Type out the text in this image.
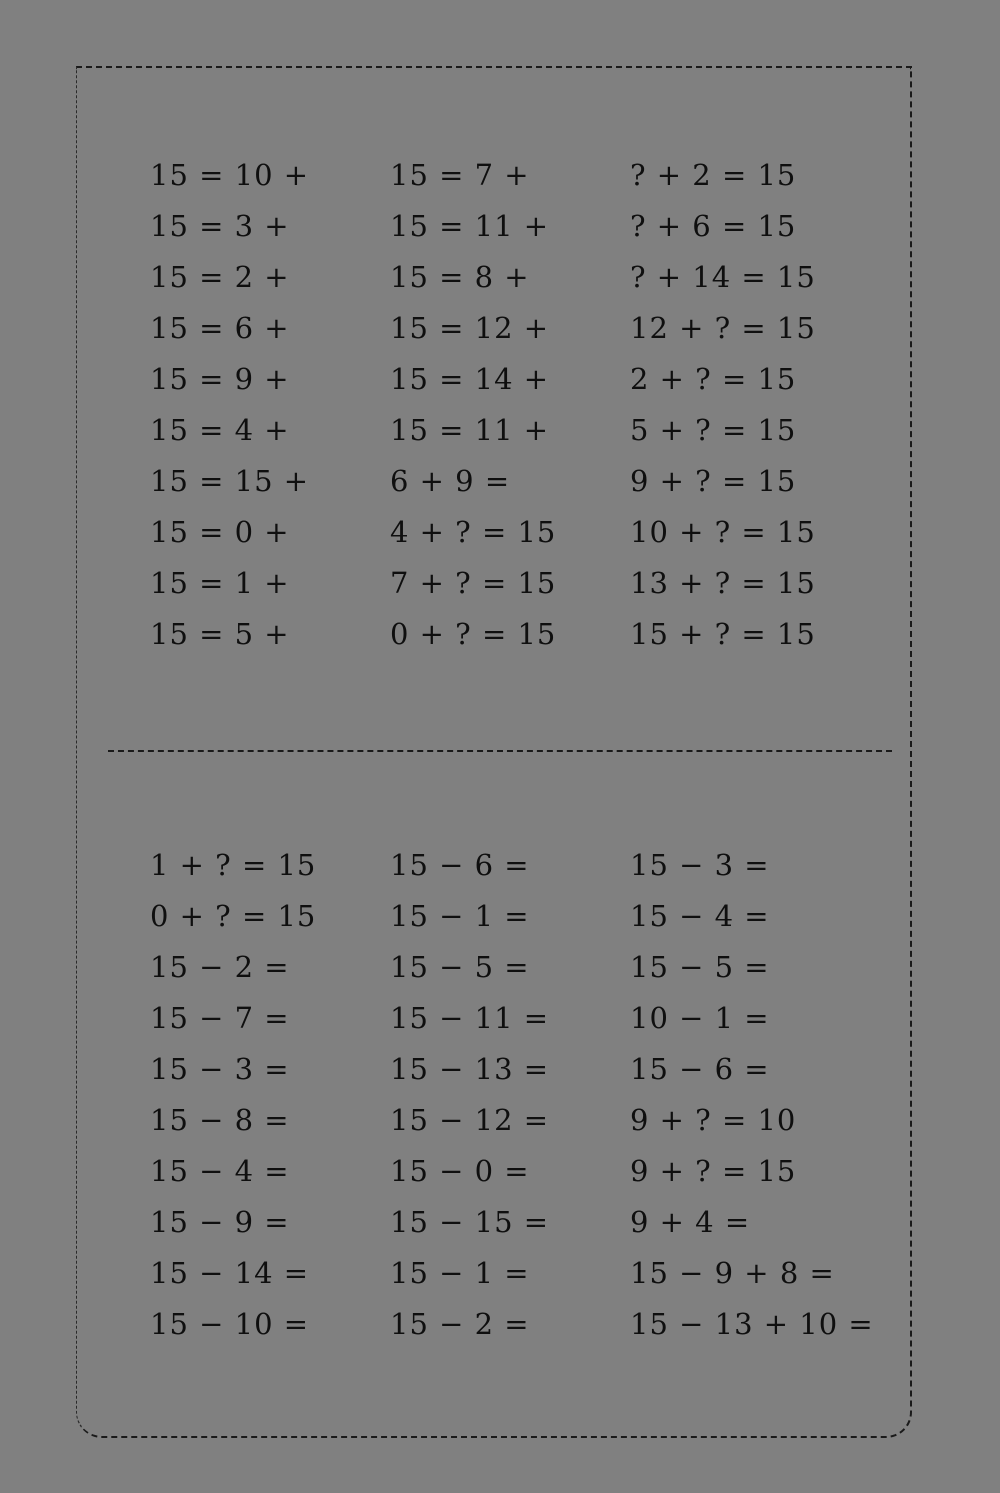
15 = 10 +
15 = 3 +
15 = 2 +
15 = 6 +
15 = 9 +
15 = 4 +
15 = 15 +
15 = 0 +
15 = 1 +
15 = 5 +
15 = 7 +
15 = 11 +
15 = 8 +
15 = 12 +
15 = 14 +
15 = 11 +
6 + 9 =
4 + ? = 15
7 + ? = 15
0 + ? = 15
? + 2 = 15
? + 6 = 15
? + 14 = 15
12 + ? = 15
2 + ? = 15
5 + ? = 15
9 + ? = 15
10 + ? = 15
13 + ? = 15
15 + ? = 15
1 + ? = 15
0 + ? = 15
15 − 2 =
15 − 7 =
15 − 3 =
15 − 8 =
15 − 4 =
15 − 9 =
15 − 14 =
15 − 10 =
15 − 6 =
15 − 1 =
15 − 5 =
15 − 11 =
15 − 13 =
15 − 12 =
15 − 0 =
15 − 15 =
15 − 1 =
15 − 2 =
15 − 3 =
15 − 4 =
15 − 5 =
10 − 1 =
15 − 6 =
9 + ? = 10
9 + ? = 15
9 + 4 =
15 − 9 + 8 =
15 − 13 + 10 =
